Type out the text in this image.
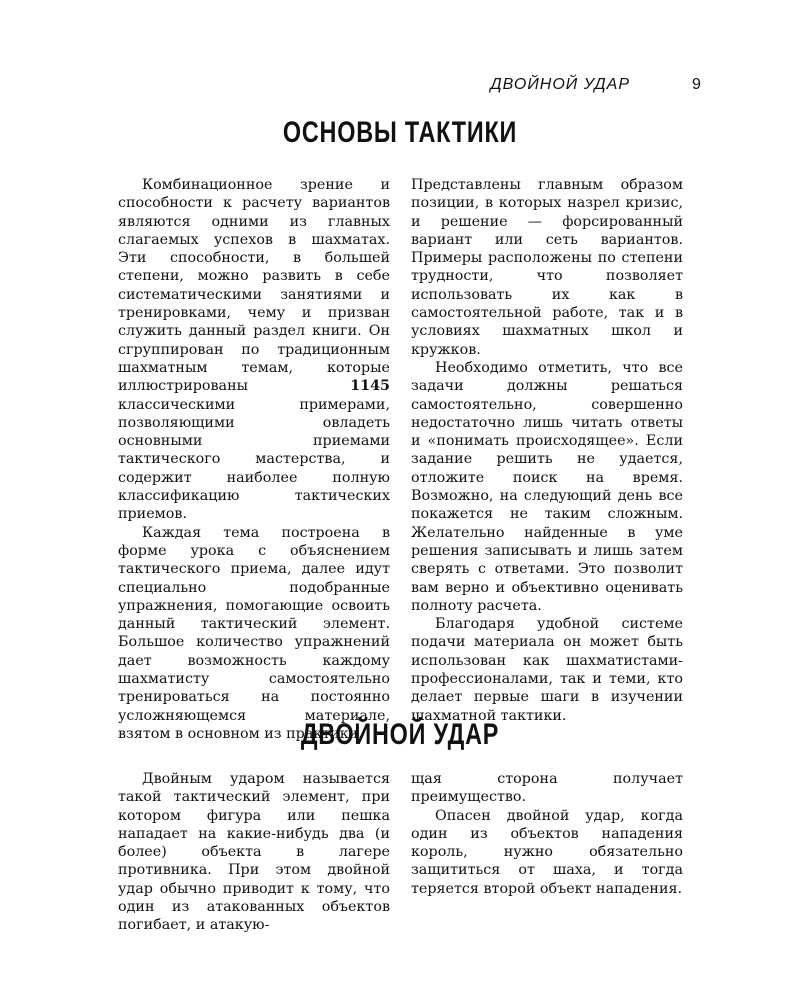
ДВОЙНОЙ УДАР	9
ОСНОВЫ ТАКТИКИ

Комбинационное зрение и способности к расчету вариантов являются одними из главных слагаемых успехов в шахматах. Эти способности, в большей степени, можно развить в себе систематическими занятиями и тренировками, чему и призван служить данный раздел книги. Он сгруппирован по традиционным шахматным темам, которые иллюстрированы 1145 классическими примерами, позволяющими овладеть основными приемами тактического мастерства, и содержит наиболее полную классификацию тактических приемов.

Каждая тема построена в форме урока с объяснением тактического приема, далее идут специально подобранные упражнения, помогающие освоить данный тактический элемент. Большое количество упражнений дает возможность каждому шахматисту самостоятельно тренироваться на постоянно усложняющемся материале, взятом в основном из практики.

Представлены главным образом позиции, в которых назрел кризис, и решение — форсированный вариант или сеть вариантов. Примеры расположены по степени трудности, что позволяет использовать их как в самостоятельной работе, так и в условиях шахматных школ и кружков.

Необходимо отметить, что все задачи должны решаться самостоятельно, совершенно недостаточно лишь читать ответы и «понимать происходящее». Если задание решить не удается, отложите поиск на время. Возможно, на следующий день все покажется не таким сложным. Желательно найденные в уме решения записывать и лишь затем сверять с ответами. Это позволит вам верно и объективно оценивать полноту расчета.

Благодаря удобной системе подачи материала он может быть использован как шахматистами-профессионалами, так и теми, кто делает первые шаги в изучении шахматной тактики.

ДВОЙНОЙ УДАР

Двойным ударом называется такой тактический элемент, при котором фигура или пешка нападает на какие-нибудь два (и более) объекта в лагере противника. При этом двойной удар обычно приводит к тому, что один из атакованных объектов погибает, и атакую-

щая сторона получает преимущество.

Опасен двойной удар, когда один из объектов нападения король, нужно обязательно защититься от шаха, и тогда теряется второй объект нападения.
